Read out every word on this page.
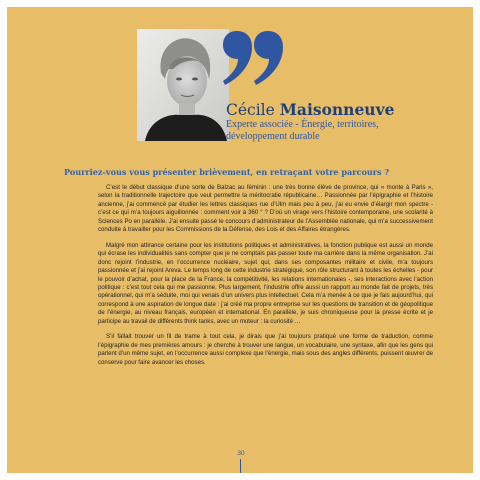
Cécile Maisonneuve
Experte associée - Énergie, territoires, développement durable
Pourriez-vous vous présenter brièvement, en retraçant votre parcours ?

C’est le début classique d’une sorte de Balzac au féminin : une très bonne élève de province, qui « monte à Paris », selon la traditionnelle trajectoire que veut permettre la méritocratie républicaine… Passionnée par l’épigraphie et l’histoire ancienne, j’ai commencé par étudier les lettres classiques rue d’Ulm mais peu à peu, j’ai eu envie d’élargir mon spectre - c’est ce qui m’a toujours aiguillonnée : comment voir à 360 ° ? D’où un virage vers l’histoire contemporaine, une scolarité à Sciences Po en parallèle. J’ai ensuite passé le concours d’administrateur de l’Assemblée nationale, qui m’a successivement conduite à travailler pour les Commissions de la Défense, des Lois et des Affaires étrangères.

Malgré mon attirance certaine pour les institutions politiques et administratives, la fonction publique est aussi un monde qui écrase les individualités sans compter que je ne comptais pas passer toute ma carrière dans la même organisation. J’ai donc rejoint l’industrie, en l’occurrence nucléaire, sujet qui, dans ses composantes militaire et civile, m’a toujours passionnée et j’ai rejoint Areva. Le temps long de cette industrie stratégique, son rôle structurant à toutes les échelles - pour le pouvoir d’achat, pour la place de la France, la compétitivité, les relations internationales -, ses interactions avec l’action politique : c’est tout cela qui me passionne. Plus largement, l’industrie offre aussi un rapport au monde fait de projets, très opérationnel, qui m’a séduite, moi qui venais d’un univers plus intellectuel. Cela m’a menée à ce que je fais aujourd’hui, qui correspond à une aspiration de longue date : j’ai créé ma propre entreprise sur les questions de transition et de géopolitique de l’énergie, au niveau français, européen et international. En parallèle, je suis chroniqueuse pour la presse écrite et je participe au travail de différents think tanks, avec un moteur : la curiosité …

S’il fallait trouver un fil de trame à tout cela, je dirais que j’ai toujours pratiqué une forme de traduction, comme l’épigraphie de mes premières amours : je cherche à trouver une langue, un vocabulaire, une syntaxe, afin que les gens qui parlent d’un même sujet, en l’occurrence aussi complexe que l’énergie, mais sous des angles différents, puissent œuvrer de conserve pour faire avancer les choses.

30
